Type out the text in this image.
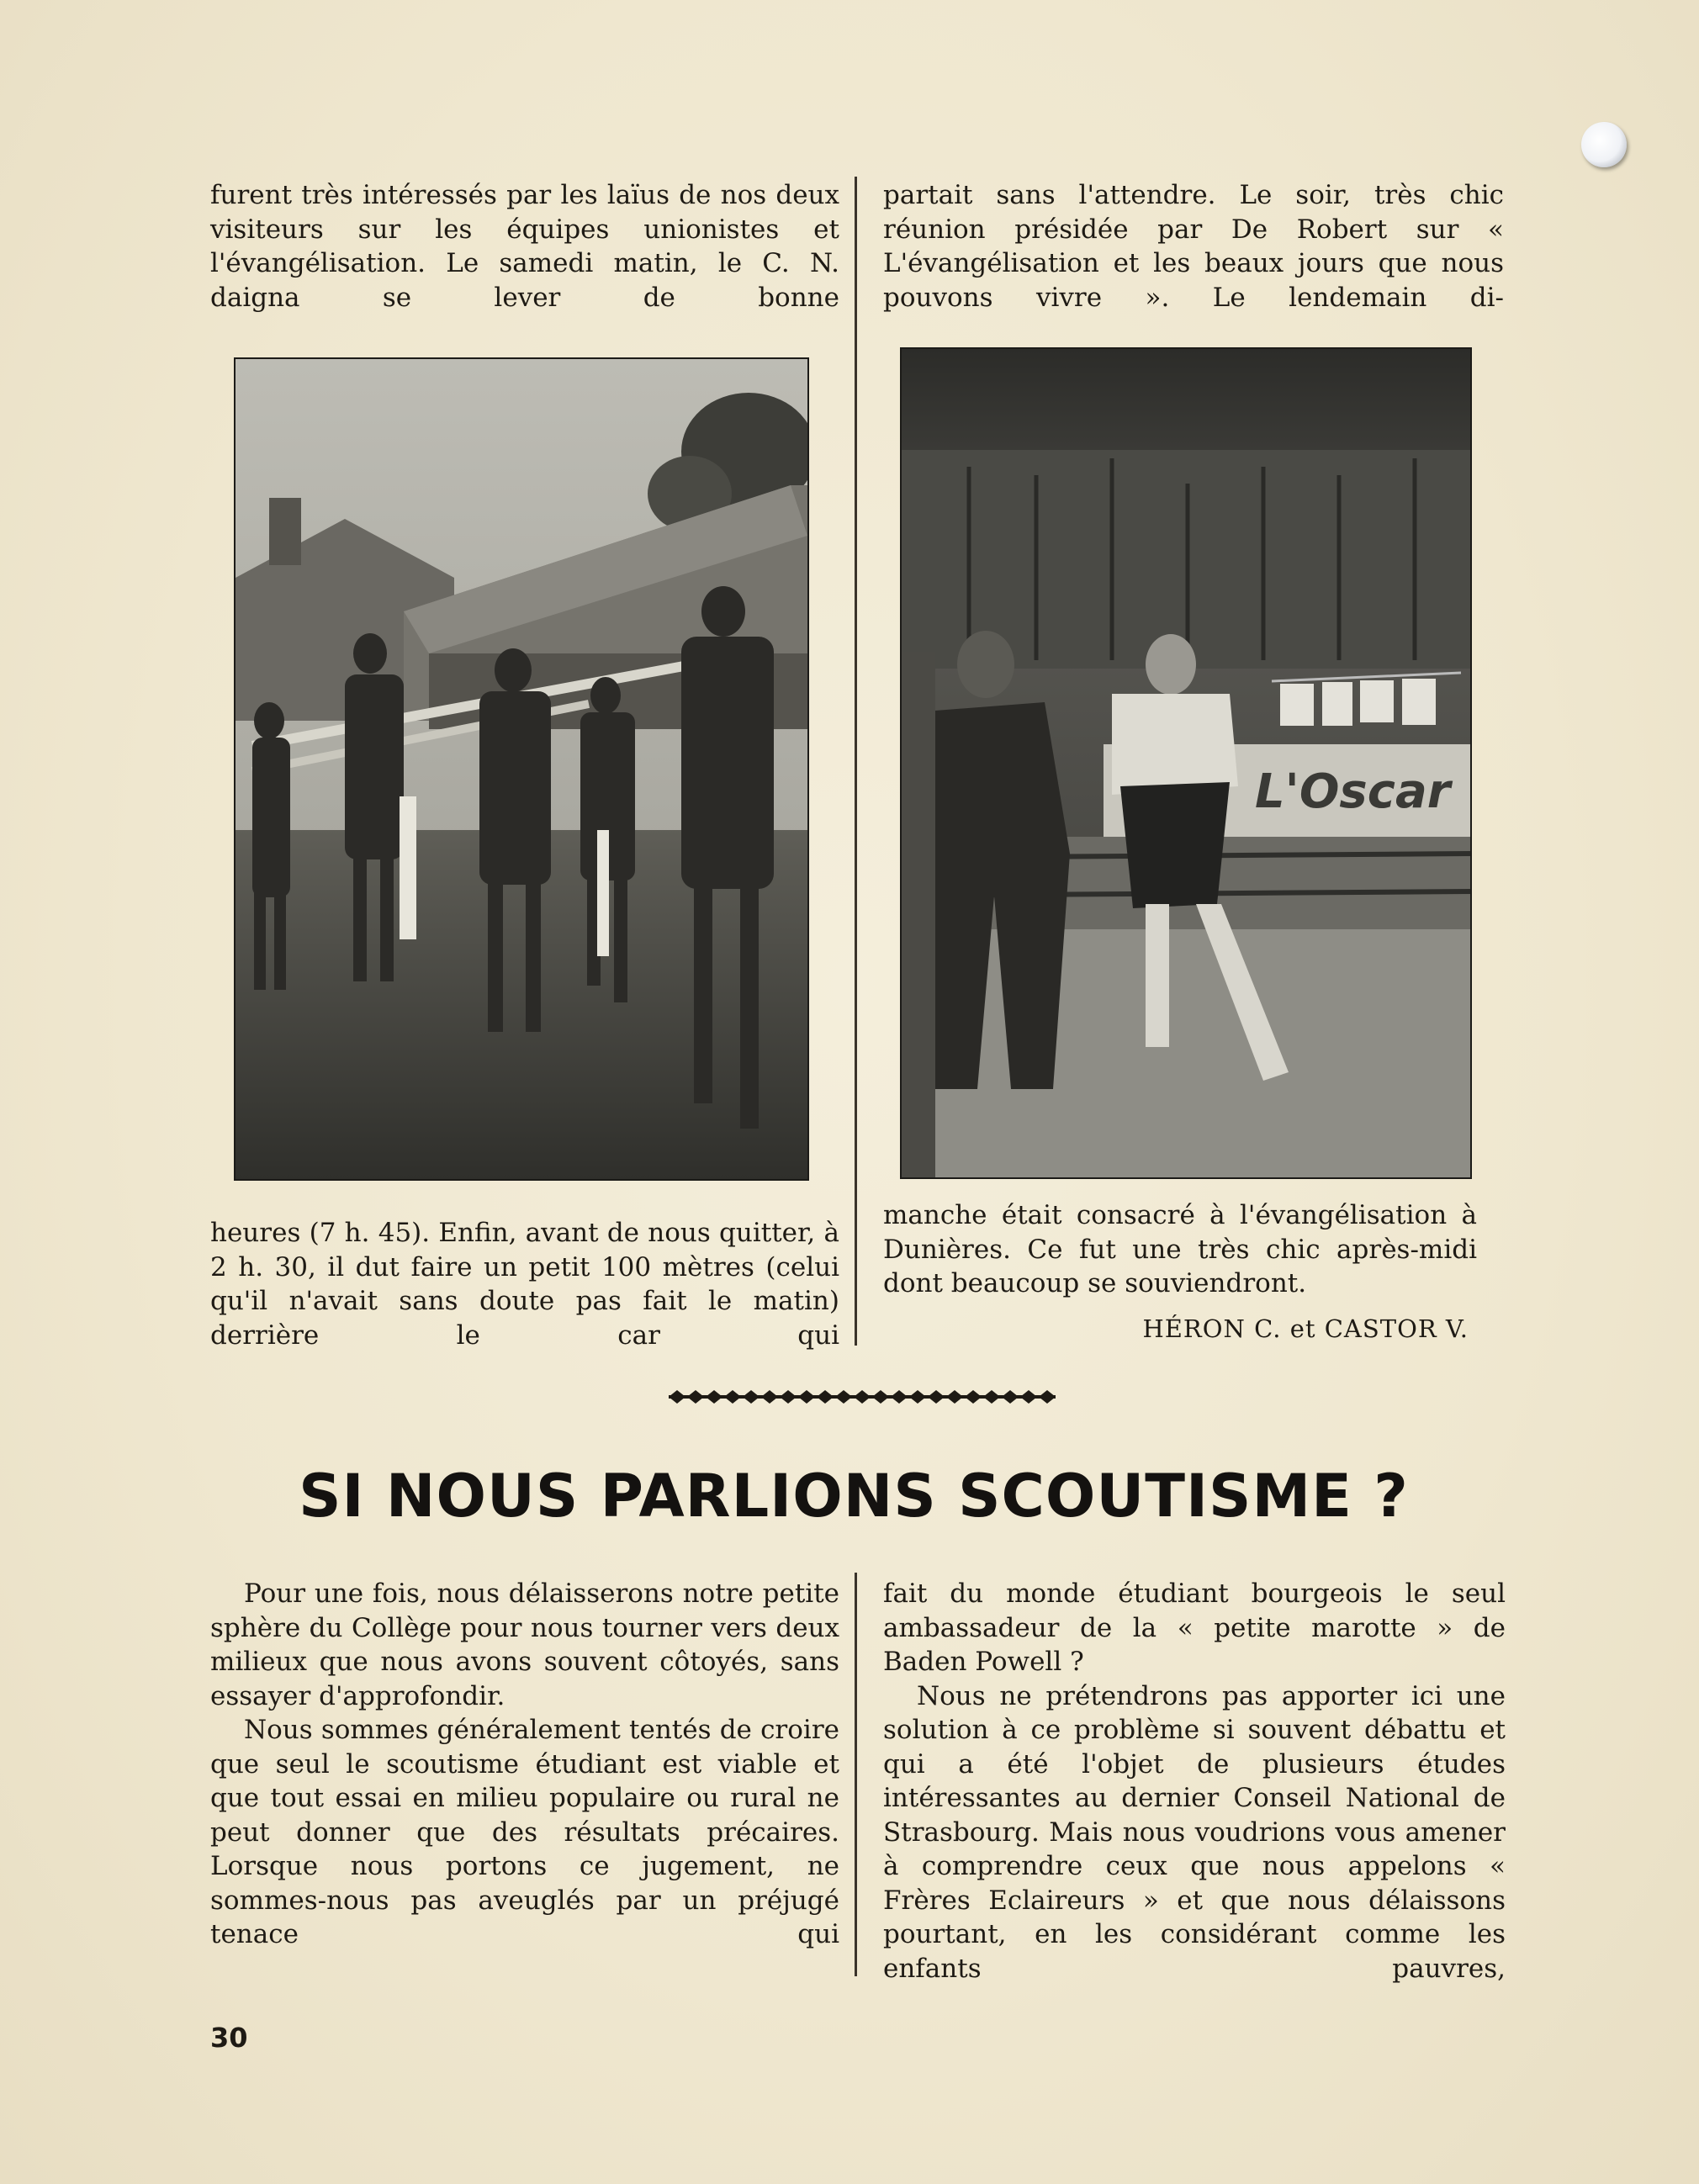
furent très intéressés par les laïus de nos deux visiteurs sur les équipes unionistes et l'évangélisation. Le samedi matin, le C. N. daigna se lever de bonne

partait sans l'attendre. Le soir, très chic réunion présidée par De Robert sur « L'évangélisation et les beaux jours que nous pouvons vivre ». Le lendemain di-

L'Oscar

heures (7 h. 45). Enfin, avant de nous quitter, à 2 h. 30, il dut faire un petit 100 mètres (celui qu'il n'avait sans doute pas fait le matin) derrière le car qui

manche était consacré à l'évangélisation à Dunières. Ce fut une très chic après-midi dont beaucoup se souviendront.

HÉRON C. et CASTOR V.
SI NOUS PARLIONS SCOUTISME ?

Pour une fois, nous délaisserons notre petite sphère du Collège pour nous tourner vers deux milieux que nous avons souvent côtoyés, sans essayer d'approfondir.

Nous sommes généralement tentés de croire que seul le scoutisme étudiant est viable et que tout essai en milieu populaire ou rural ne peut donner que des résultats précaires. Lorsque nous portons ce jugement, ne sommes-nous pas aveuglés par un préjugé tenace qui

fait du monde étudiant bourgeois le seul ambassadeur de la « petite marotte » de Baden Powell ?

Nous ne prétendrons pas apporter ici une solution à ce problème si souvent débattu et qui a été l'objet de plusieurs études intéressantes au dernier Conseil National de Strasbourg. Mais nous voudrions vous amener à comprendre ceux que nous appelons « Frères Eclaireurs » et que nous délaissons pourtant, en les considérant comme les enfants pauvres,

30
